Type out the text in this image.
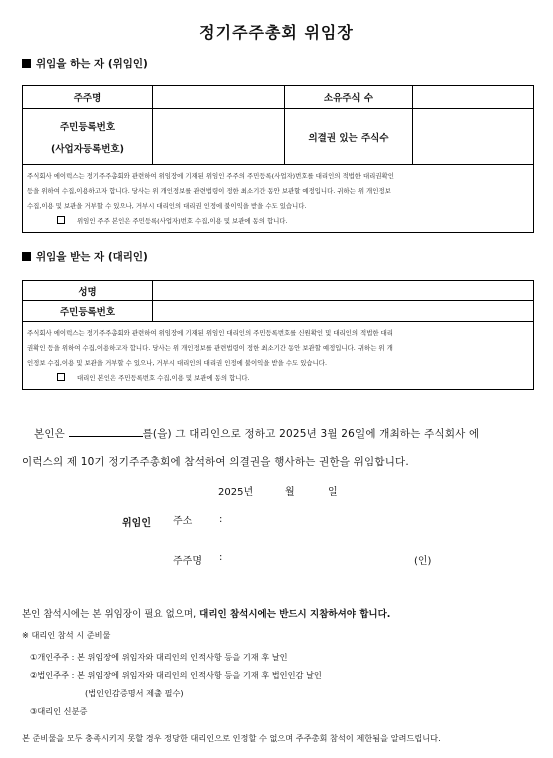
정기주주총회 위임장
위임을 하는 자 (위임인)
주주명		소유주식 수	

주민등록번호
(사업자등록번호)		의결권 있는 주식수	

주식회사 에이럭스는 정기주주총회와 관련하여 위임장에 기재된 위임인 주주의 주민등록(사업자)번호를 대리인의 적법한 대리권확인
등을 위하여 수집,이용하고자 합니다. 당사는 위 개인정보를 관련법령이 정한 최소기간 동안 보관할 예정입니다. 귀하는 위 개인정보
수집,이용 및 보관을 거부할 수 있으나, 거부시 대리인의 대리권 인정에 불이익을 받을 수도 있습니다.
위임인 주주 본인은 주민등록(사업자)번호 수집,이용 및 보관에 동의 합니다.			
위임을 받는 자 (대리인)
성명	
주민등록번호	

주식회사 에이럭스는 정기주주총회와 관련하여 위임장에 기재된 위임인 대리인의 주민등록번호를 신원확인 및 대리인의 적법한 대리
권확인 등을 위하여 수집,이용하고자 합니다. 당사는 위 개인정보를 관련법령이 정한 최소기간 동안 보관할 예정입니다. 귀하는 위 개
인정보 수집,이용 및 보관을 거부할 수 있으나, 거부시 대리인의 대리권 인정에 불이익을 받을 수도 있습니다.
대리인 본인은 주민등록번호 수집,이용 및 보관에 동의 합니다.	
본인은	를(을) 그 대리인으로 정하고 2025년 3월 26일에 개최하는 주식회사 에
이럭스의 제 10기 정기주주총회에 참석하여 의결권을 행사하는 권한을 위임합니다.
2025년	월	일
위임인 주소	:
주주명 :	(인)
본인 참석시에는 본 위임장이 필요 없으며, 대리인 참석시에는 반드시 지참하셔야 합니다.
※ 대리인 참석 시 준비물
①개인주주 : 본 위임장에 위임자와 대리인의 인적사항 등을 기재 후 날인
②법인주주 : 본 위임장에 위임자와 대리인의 인적사항 등을 기재 후 법인인감 날인
(법인인감증명서 제출 필수)
③대리인 신분증
본 준비물을 모두 충족시키지 못할 경우 정당한 대리인으로 인정할 수 없으며 주주총회 참석이 제한됨을 알려드립니다.
